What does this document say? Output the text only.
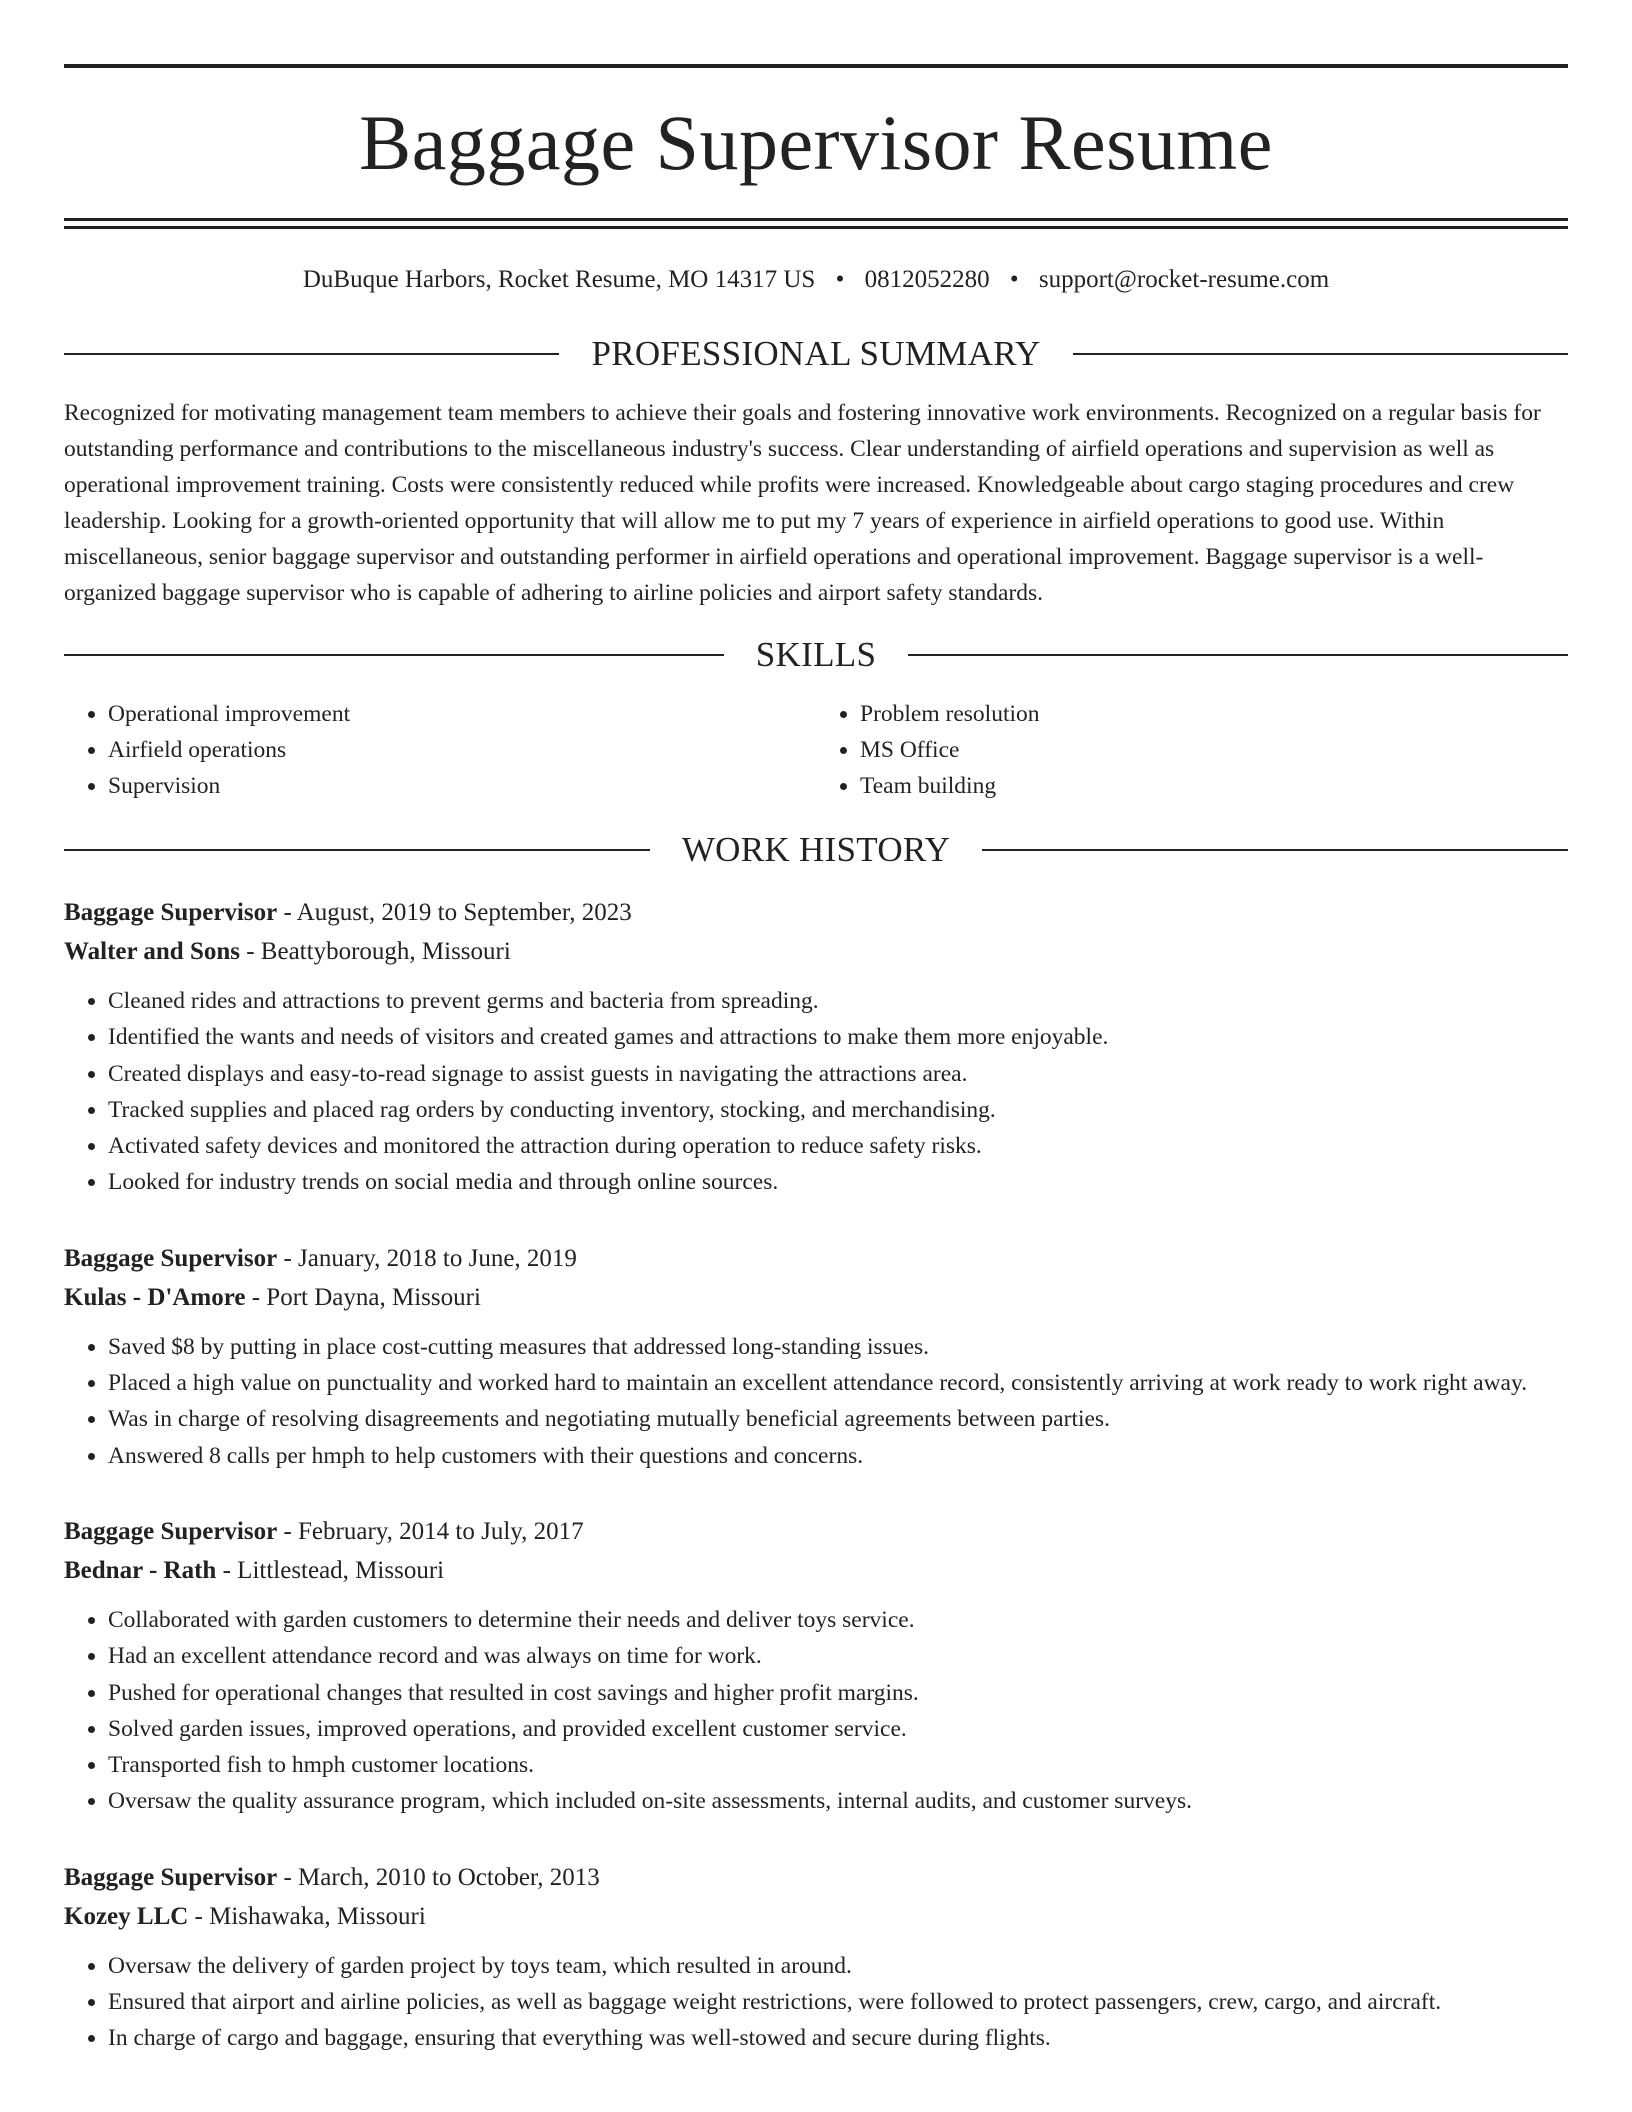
Baggage Supervisor Resume
DuBuque Harbors, Rocket Resume, MO 14317 US • 0812052280 • support@rocket-resume.com
PROFESSIONAL SUMMARY

Recognized for motivating management team members to achieve their goals and fostering innovative work environments. Recognized on a regular basis for outstanding performance and contributions to the miscellaneous industry's success. Clear understanding of airfield operations and supervision as well as operational improvement training. Costs were consistently reduced while profits were increased. Knowledgeable about cargo staging procedures and crew leadership. Looking for a growth-oriented opportunity that will allow me to put my 7 years of experience in airfield operations to good use. Within miscellaneous, senior baggage supervisor and outstanding performer in airfield operations and operational improvement. Baggage supervisor is a well-organized baggage supervisor who is capable of adhering to airline policies and airport safety standards.

SKILLS
• Operational improvement
• Airfield operations
• Supervision
• Problem resolution
• MS Office
• Team building
WORK HISTORY
Baggage Supervisor - August, 2019 to September, 2023
Walter and Sons - Beattyborough, Missouri
• Cleaned rides and attractions to prevent germs and bacteria from spreading.
• Identified the wants and needs of visitors and created games and attractions to make them more enjoyable.
• Created displays and easy-to-read signage to assist guests in navigating the attractions area.
• Tracked supplies and placed rag orders by conducting inventory, stocking, and merchandising.
• Activated safety devices and monitored the attraction during operation to reduce safety risks.
• Looked for industry trends on social media and through online sources.
Baggage Supervisor - January, 2018 to June, 2019
Kulas - D'Amore - Port Dayna, Missouri
• Saved $8 by putting in place cost-cutting measures that addressed long-standing issues.
• Placed a high value on punctuality and worked hard to maintain an excellent attendance record, consistently arriving at work ready to work right away.
• Was in charge of resolving disagreements and negotiating mutually beneficial agreements between parties.
• Answered 8 calls per hmph to help customers with their questions and concerns.
Baggage Supervisor - February, 2014 to July, 2017
Bednar - Rath - Littlestead, Missouri
• Collaborated with garden customers to determine their needs and deliver toys service.
• Had an excellent attendance record and was always on time for work.
• Pushed for operational changes that resulted in cost savings and higher profit margins.
• Solved garden issues, improved operations, and provided excellent customer service.
• Transported fish to hmph customer locations.
• Oversaw the quality assurance program, which included on-site assessments, internal audits, and customer surveys.
Baggage Supervisor - March, 2010 to October, 2013
Kozey LLC - Mishawaka, Missouri
• Oversaw the delivery of garden project by toys team, which resulted in around.
• Ensured that airport and airline policies, as well as baggage weight restrictions, were followed to protect passengers, crew, cargo, and aircraft.
• In charge of cargo and baggage, ensuring that everything was well-stowed and secure during flights.
